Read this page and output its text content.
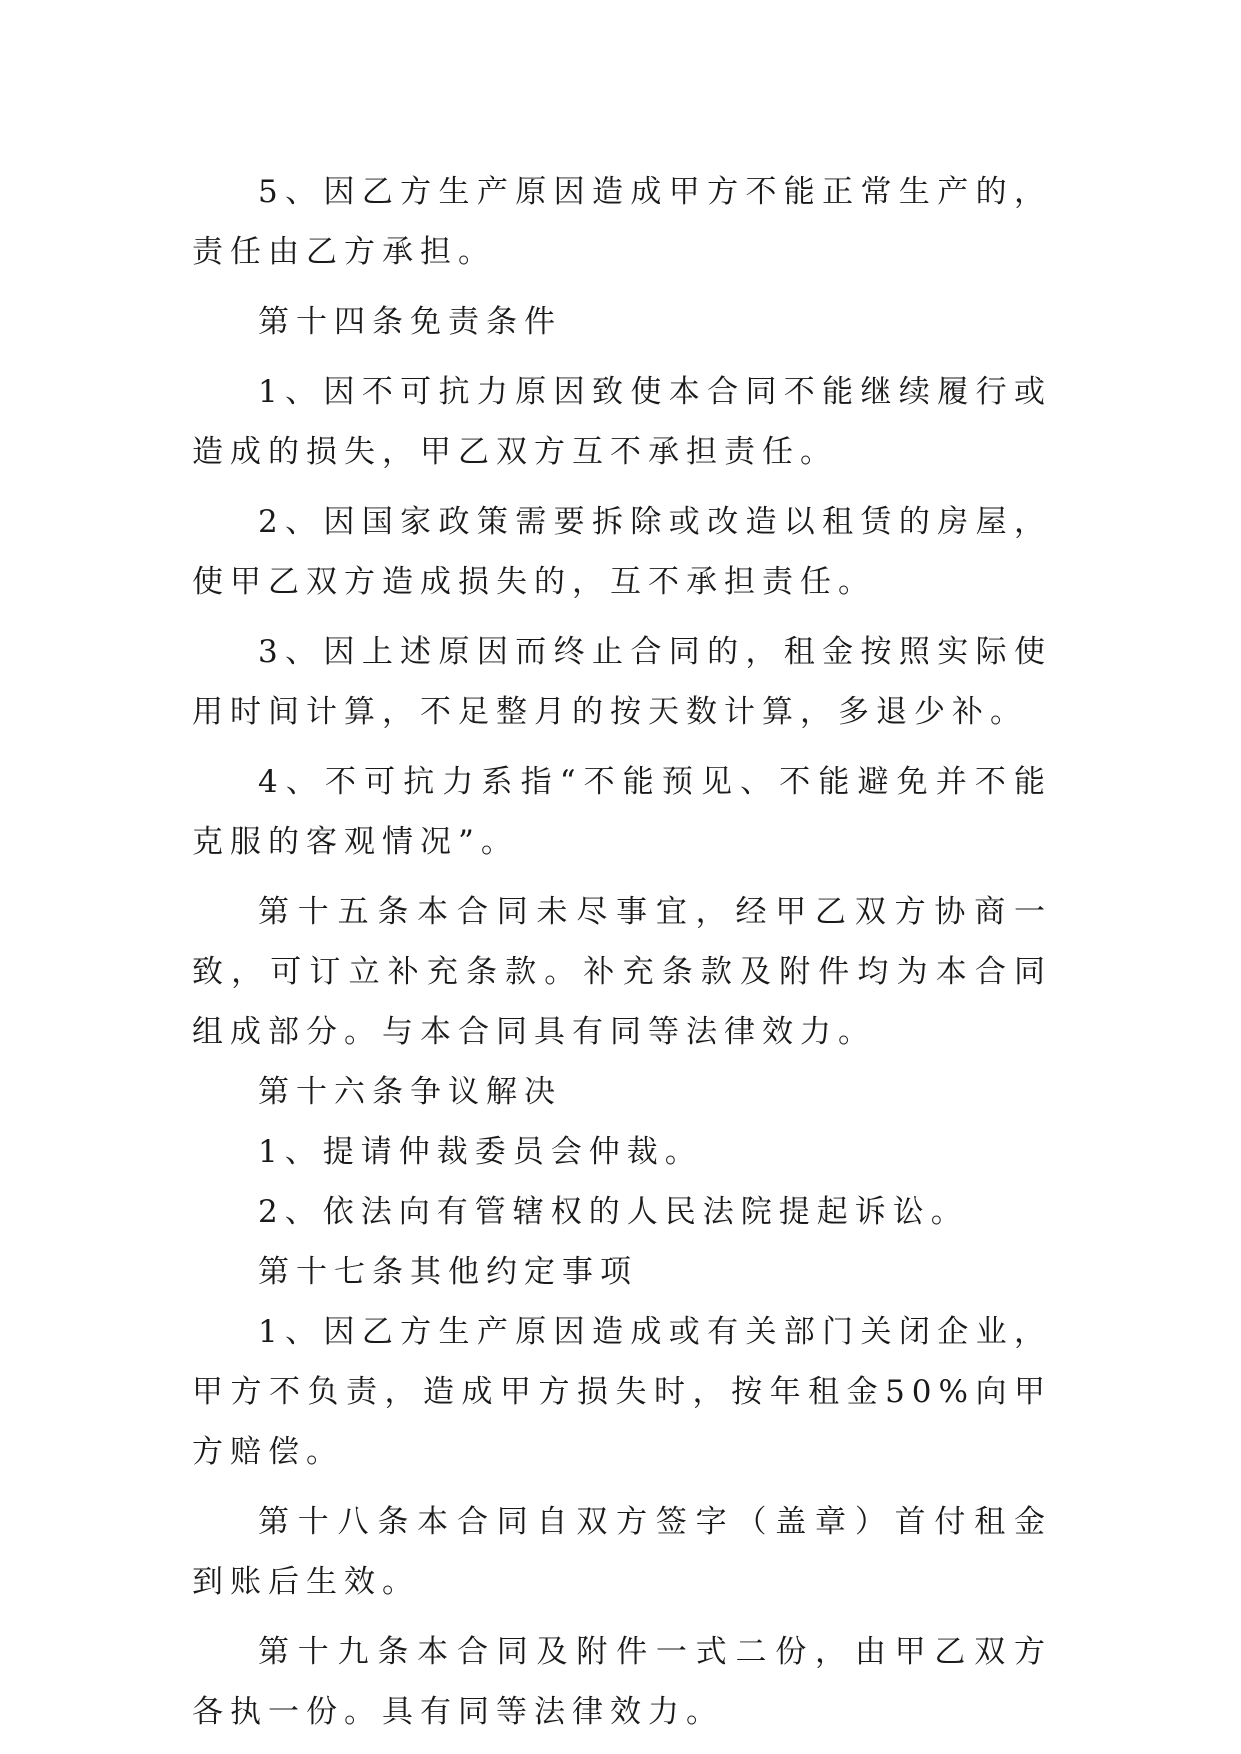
5、因乙方生产原因造成甲方不能正常生产的，责任由乙方承担。

第十四条免责条件

1、因不可抗力原因致使本合同不能继续履行或造成的损失，甲乙双方互不承担责任。

2、因国家政策需要拆除或改造以租赁的房屋，使甲乙双方造成损失的，互不承担责任。

3、因上述原因而终止合同的，租金按照实际使用时间计算，不足整月的按天数计算，多退少补。

4、不可抗力系指“不能预见、不能避免并不能克服的客观情况”。

第十五条本合同未尽事宜，经甲乙双方协商一致，可订立补充条款。补充条款及附件均为本合同组成部分。与本合同具有同等法律效力。

第十六条争议解决

1、提请仲裁委员会仲裁。

2、依法向有管辖权的人民法院提起诉讼。

第十七条其他约定事项

1、因乙方生产原因造成或有关部门关闭企业，甲方不负责，造成甲方损失时，按年租金50%向甲方赔偿。

第十八条本合同自双方签字（盖章）首付租金到账后生效。

第十九条本合同及附件一式二份，由甲乙双方各执一份。具有同等法律效力。
